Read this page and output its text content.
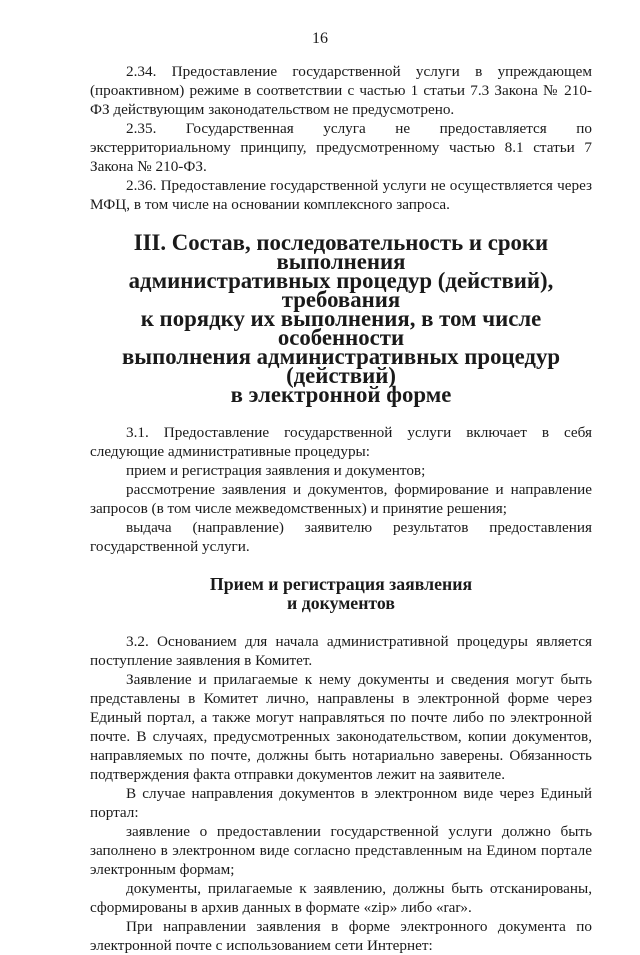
16

2.34. Предоставление государственной услуги в упреждающем (проактивном) режиме в соответствии с частью 1 статьи 7.3 Закона № 210-ФЗ действующим законодательством не предусмотрено.

2.35. Государственная услуга не предоставляется по экстерриториальному принципу, предусмотренному частью 8.1 статьи 7 Закона № 210-ФЗ.

2.36. Предоставление государственной услуги не осуществляется через МФЦ, в том числе на основании комплексного запроса.

III. Состав, последовательность и сроки выполнения
административных процедур (действий), требования
к порядку их выполнения, в том числе особенности
выполнения административных процедур (действий)
в электронной форме

3.1. Предоставление государственной услуги включает в себя следующие административные процедуры:

прием и регистрация заявления и документов;

рассмотрение заявления и документов, формирование и направление запросов (в том числе межведомственных) и принятие решения;

выдача (направление) заявителю результатов предоставления государственной услуги.

Прием и регистрация заявления
и документов

3.2. Основанием для начала административной процедуры является поступление заявления в Комитет.

Заявление и прилагаемые к нему документы и сведения могут быть представлены в Комитет лично, направлены в электронной форме через Единый портал, а также могут направляться по почте либо по электронной почте. В случаях, предусмотренных законодательством, копии документов, направляемых по почте, должны быть нотариально заверены. Обязанность подтверждения факта отправки документов лежит на заявителе.

В случае направления документов в электронном виде через Единый портал:

заявление о предоставлении государственной услуги должно быть заполнено в электронном виде согласно представленным на Едином портале электронным формам;

документы, прилагаемые к заявлению, должны быть отсканированы, сформированы в архив данных в формате «zip» либо «rar».

При направлении заявления в форме электронного документа по электронной почте с использованием сети Интернет:
